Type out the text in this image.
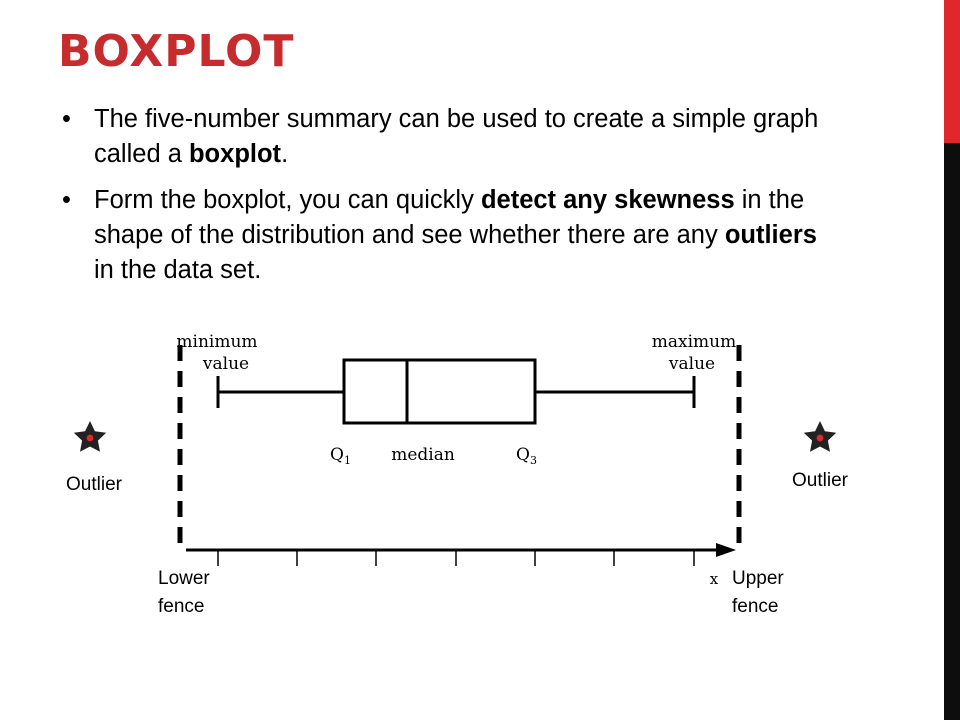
BOXPLOT
• The five-number summary can be used to create a simple graph called a boxplot.
• Form the boxplot, you can quickly detect any skewness in the shape of the distribution and see whether there are any outliers in the data set.
minimum
value
maximum
value
$Q_1$ median	$Q_3$
Outlier	Outlier
x
Lower
fence
Upper
fence
